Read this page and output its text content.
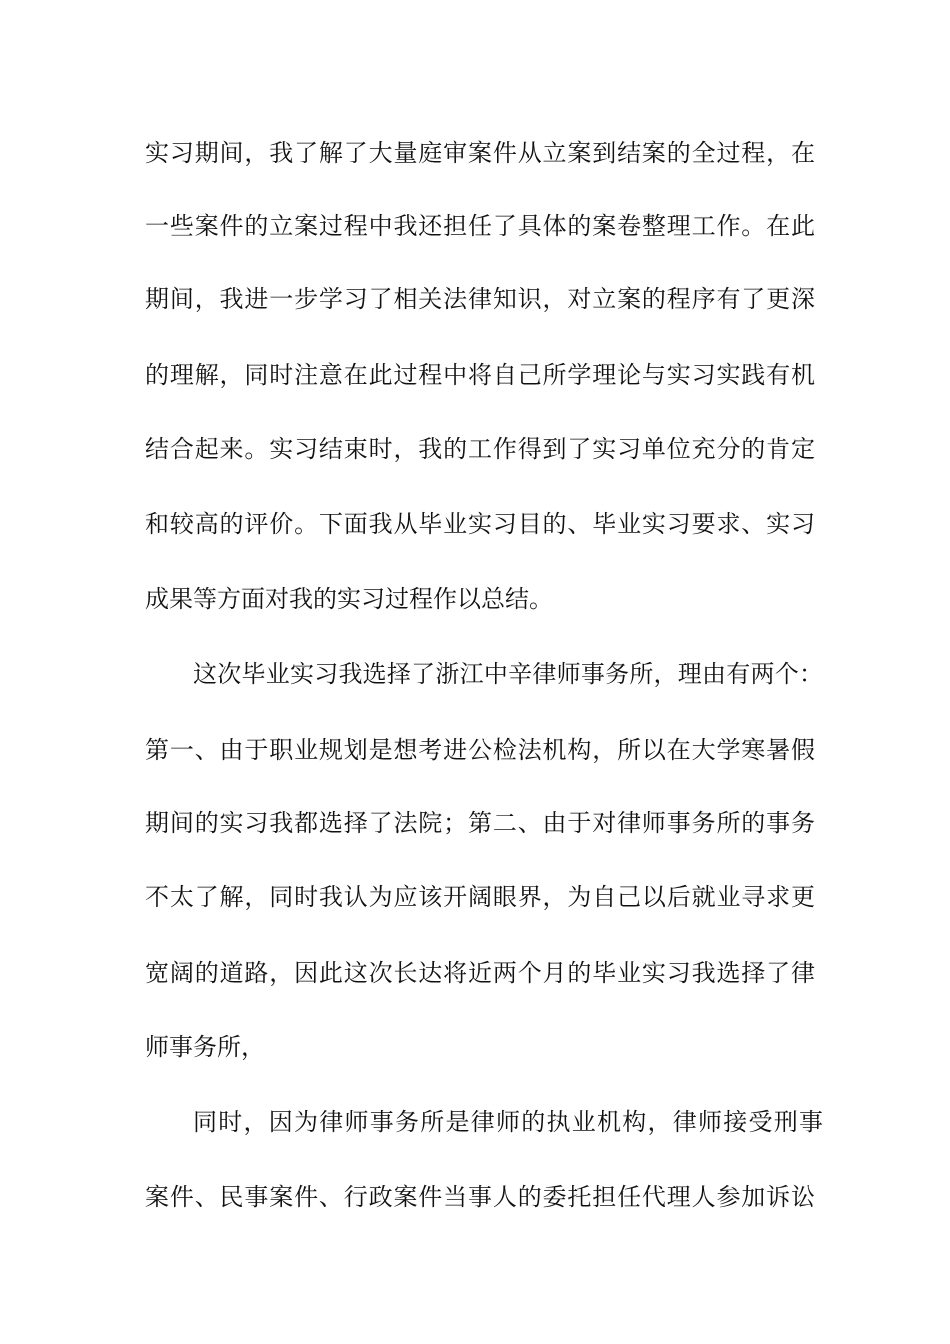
实习期间，我了解了大量庭审案件从立案到结案的全过程，在
一些案件的立案过程中我还担任了具体的案卷整理工作。在此
期间，我进一步学习了相关法律知识，对立案的程序有了更深
的理解，同时注意在此过程中将自己所学理论与实习实践有机
结合起来。实习结束时，我的工作得到了实习单位充分的肯定
和较高的评价。下面我从毕业实习目的、毕业实习要求、实习
成果等方面对我的实习过程作以总结。
这次毕业实习我选择了浙江中辛律师事务所，理由有两个：
第一、由于职业规划是想考进公检法机构，所以在大学寒暑假
期间的实习我都选择了法院；第二、由于对律师事务所的事务
不太了解，同时我认为应该开阔眼界，为自己以后就业寻求更
宽阔的道路，因此这次长达将近两个月的毕业实习我选择了律
师事务所，
同时，因为律师事务所是律师的执业机构，律师接受刑事
案件、民事案件、行政案件当事人的委托担任代理人参加诉讼
